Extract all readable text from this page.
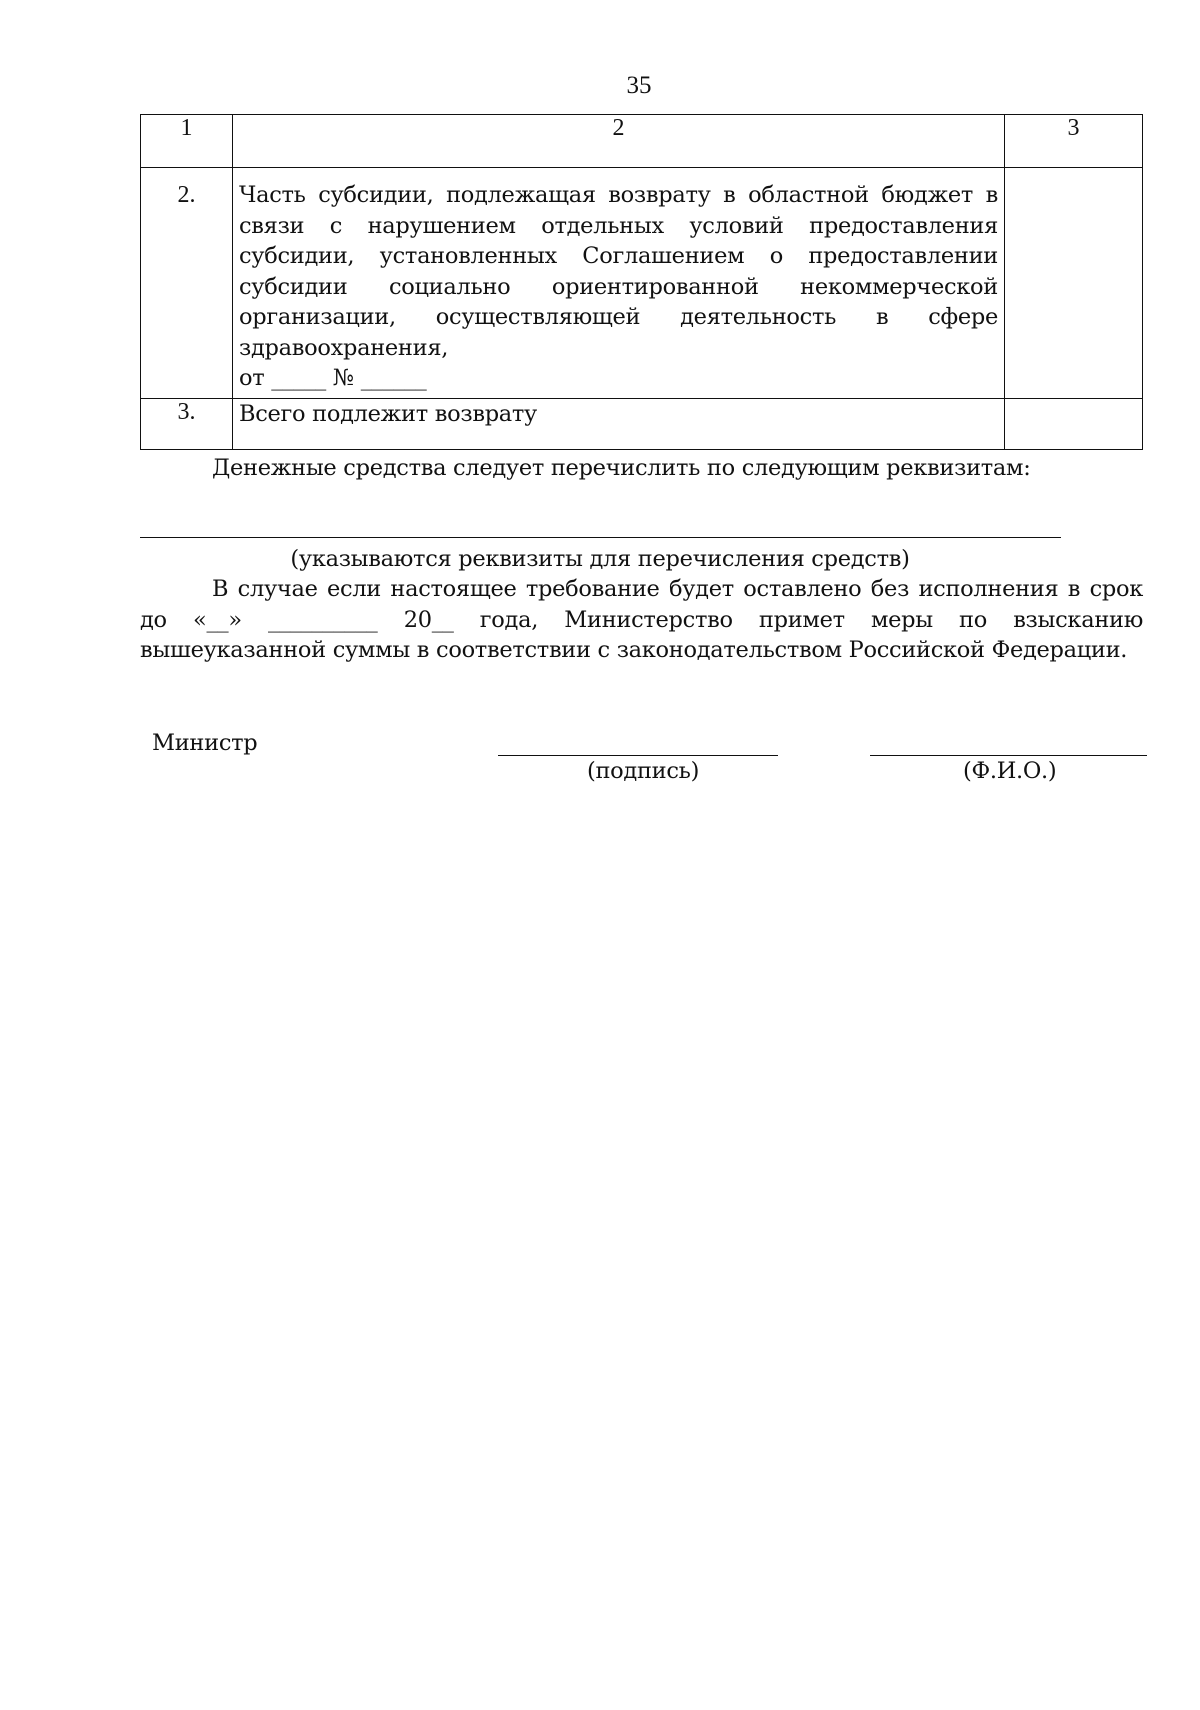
35
1	2	3
2.	Часть субсидии, подлежащая возврату в областной бюджет в связи с нарушением отдельных условий предоставления субсидии, установленных Соглашением о предоставлении субсидии социально ориентированной некоммерческой организации, осуществляющей деятельность в сфере здравоохранения,
от _____ № ______	
3.	Всего подлежит возврату	
Денежные средства следует перечислить по следующим реквизитам:
(указываются реквизиты для перечисления средств)
В случае если настоящее требование будет оставлено без исполнения в срок до «__» __________ 20__ года, Министерство примет меры по взысканию вышеуказанной суммы в соответствии с законодательством Российской Федерации.
Министр
(подпись)	(Ф.И.О.)
